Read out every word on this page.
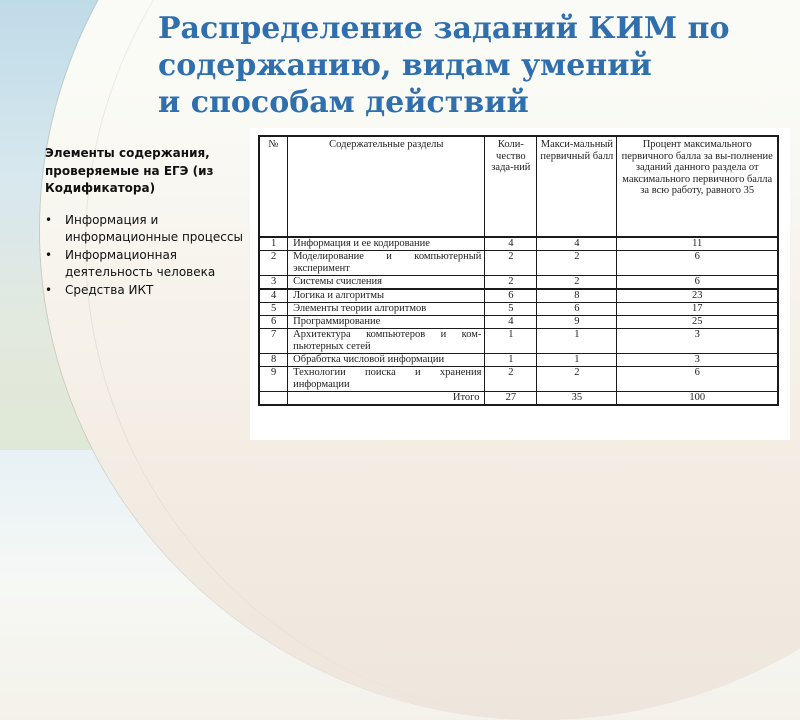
Распределение заданий КИМ по
содержанию, видам умений
и способам действий

Элементы содержания, проверяемые на ЕГЭ (из Кодификатора)

•	Информация и информационные процессы
•	Информационная деятельность человека
•	Средства ИКТ
№	Содержательные разделы	Коли-чество зада-ний	Макси-мальный первичный балл	Процент максимального первичного балла за вы-полнение заданий данного раздела от максимального первичного балла за всю работу, равного 35
1	Информация и ее кодирование	4	4	11
2	Моделирование и компьютерный эксперимент	2	2	6
3	Системы счисления	2	2	6
4	Логика и алгоритмы	6	8	23
5	Элементы теории алгоритмов	5	6	17
6	Программирование	4	9	25
7	Архитектура компьютеров и ком-пьютерных сетей	1	1	3
8	Обработка числовой информации	1	1	3
9	Технологии поиска и хранения информации	2	2	6
	Итого	27	35	100
